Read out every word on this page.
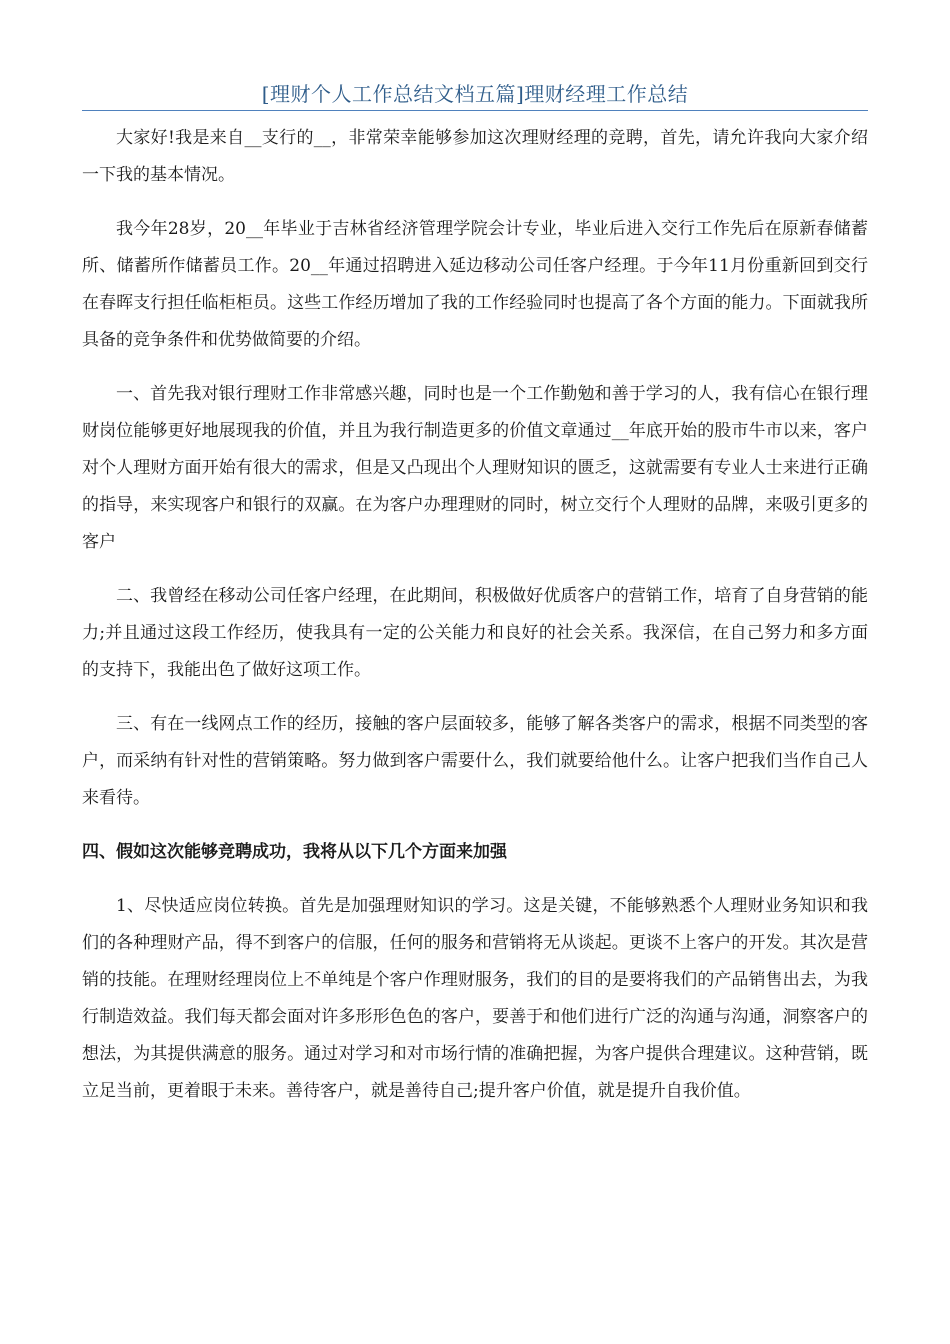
[理财个人工作总结文档五篇]理财经理工作总结

大家好!我是来自__支行的__，非常荣幸能够参加这次理财经理的竞聘，首先，请允许我向大家介绍一下我的基本情况。

我今年28岁，20__年毕业于吉林省经济管理学院会计专业，毕业后进入交行工作先后在原新春储蓄所、储蓄所作储蓄员工作。20__年通过招聘进入延边移动公司任客户经理。于今年11月份重新回到交行在春晖支行担任临柜柜员。这些工作经历增加了我的工作经验同时也提高了各个方面的能力。下面就我所具备的竞争条件和优势做简要的介绍。

一、首先我对银行理财工作非常感兴趣，同时也是一个工作勤勉和善于学习的人，我有信心在银行理财岗位能够更好地展现我的价值，并且为我行制造更多的价值文章通过__年底开始的股市牛市以来，客户对个人理财方面开始有很大的需求，但是又凸现出个人理财知识的匮乏，这就需要有专业人士来进行正确的指导，来实现客户和银行的双赢。在为客户办理理财的同时，树立交行个人理财的品牌，来吸引更多的客户

二、我曾经在移动公司任客户经理，在此期间，积极做好优质客户的营销工作，培育了自身营销的能力;并且通过这段工作经历，使我具有一定的公关能力和良好的社会关系。我深信，在自己努力和多方面的支持下，我能出色了做好这项工作。

三、有在一线网点工作的经历，接触的客户层面较多，能够了解各类客户的需求，根据不同类型的客户，而采纳有针对性的营销策略。努力做到客户需要什么，我们就要给他什么。让客户把我们当作自己人来看待。

四、假如这次能够竞聘成功，我将从以下几个方面来加强

1、尽快适应岗位转换。首先是加强理财知识的学习。这是关键，不能够熟悉个人理财业务知识和我们的各种理财产品，得不到客户的信服，任何的服务和营销将无从谈起。更谈不上客户的开发。其次是营销的技能。在理财经理岗位上不单纯是个客户作理财服务，我们的目的是要将我们的产品销售出去，为我行制造效益。我们每天都会面对许多形形色色的客户，要善于和他们进行广泛的沟通与沟通，洞察客户的想法，为其提供满意的服务。通过对学习和对市场行情的准确把握，为客户提供合理建议。这种营销，既立足当前，更着眼于未来。善待客户，就是善待自己;提升客户价值，就是提升自我价值。
